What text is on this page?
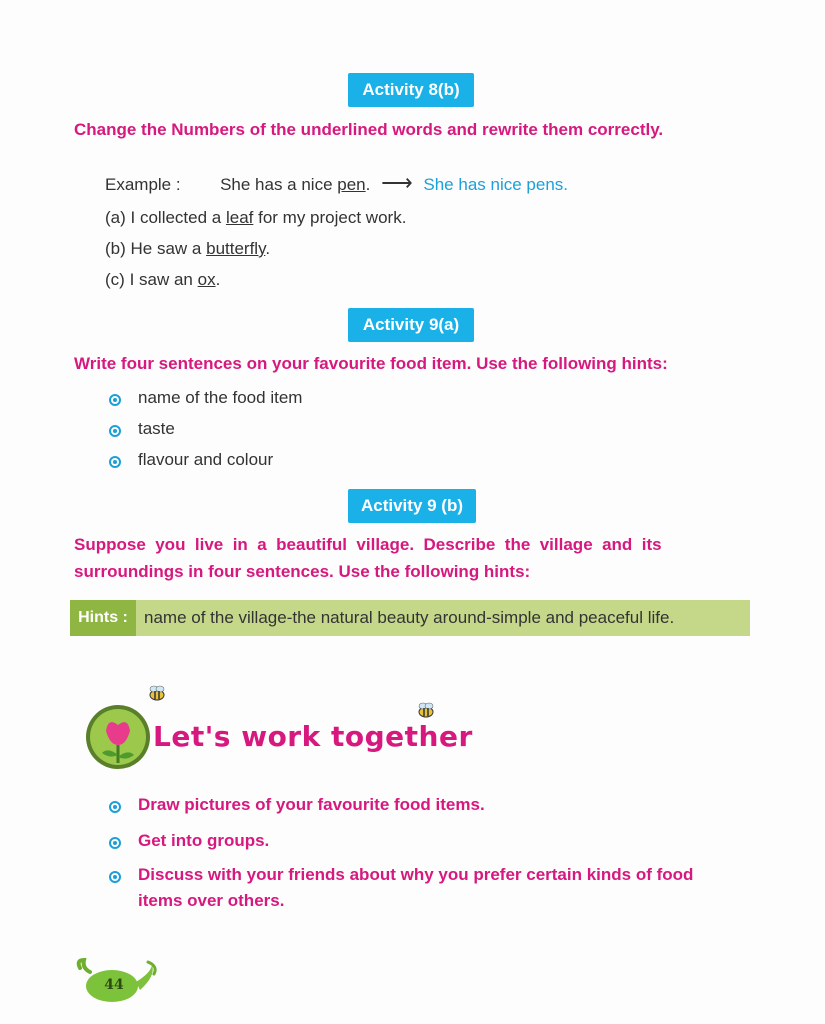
Activity 8(b)
Change the Numbers of the underlined words and rewrite them correctly.
Example : She has a nice pen. ⟶ She has nice pens.
(a) I collected a leaf for my project work.
(b) He saw a butterfly.
(c) I saw an ox.
Activity 9(a)
Write four sentences on your favourite food item. Use the following hints:
name of the food item
taste
flavour and colour
Activity 9 (b)
Suppose  you  live  in  a  beautiful  village.  Describe  the  village  and  its
surroundings in four sentences. Use the following hints:
Hints : name of the village-the natural beauty around-simple and peaceful life.
Let's work together
Draw pictures of your favourite food items.
Get into groups.
Discuss with your friends about why you prefer certain kinds of food
items over others.
44
